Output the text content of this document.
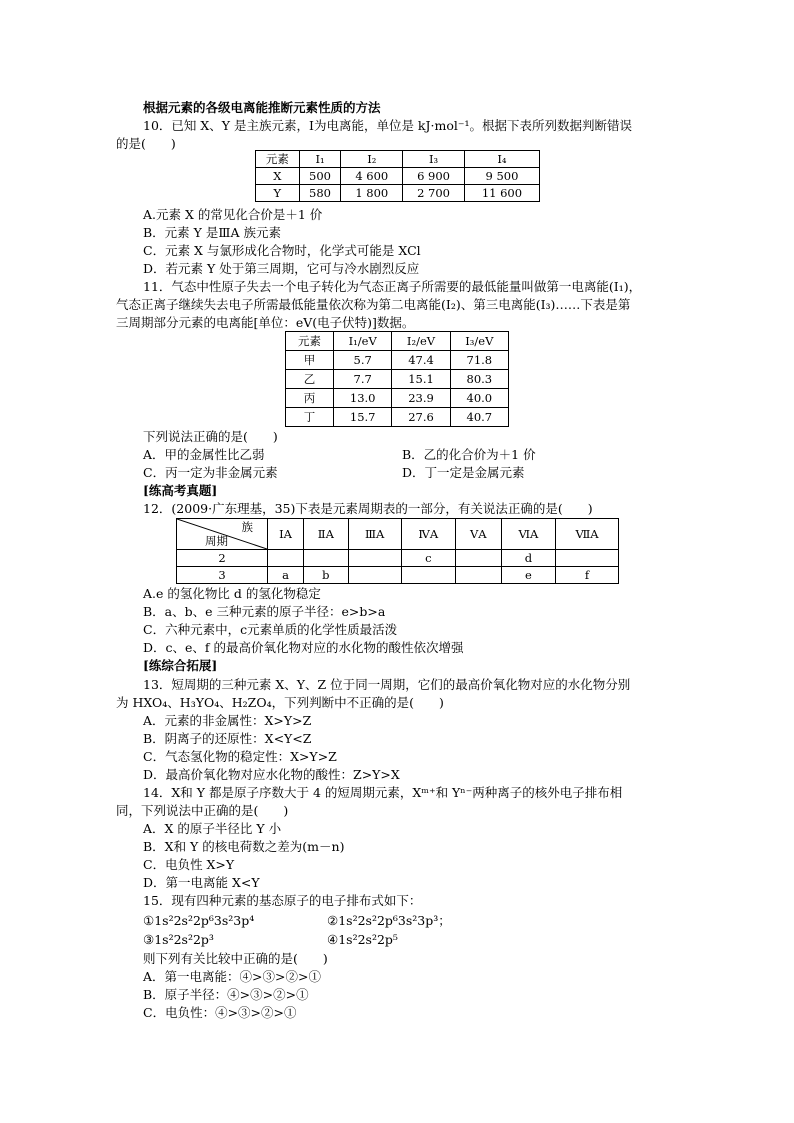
根据元素的各级电离能推断元素性质的方法
10．已知 X、Y 是主族元素，I为电离能，单位是 kJ·mol⁻¹。根据下表所列数据判断错误
的是(　　)
元素	I₁	I₂	I₃	I₄
X	500	4 600	6 900	9 500
Y	580	1 800	2 700	11 600
A.元素 X 的常见化合价是＋1 价
B．元素 Y 是ⅢA 族元素
C．元素 X 与氯形成化合物时，化学式可能是 XCl
D．若元素 Y 处于第三周期，它可与冷水剧烈反应
11．气态中性原子失去一个电子转化为气态正离子所需要的最低能量叫做第一电离能(I₁)，
气态正离子继续失去电子所需最低能量依次称为第二电离能(I₂)、第三电离能(I₃)……下表是第
三周期部分元素的电离能[单位：eV(电子伏特)]数据。
元素	I₁/eV	I₂/eV	I₃/eV
甲	5.7	47.4	71.8
乙	7.7	15.1	80.3
丙	13.0	23.9	40.0
丁	15.7	27.6	40.7
下列说法正确的是(　　)
A．甲的金属性比乙弱	B．乙的化合价为＋1 价
C．丙一定为非金属元素	D．丁一定是金属元素
[练高考真题]
12．(2009·广东理基，35)下表是元素周期表的一部分，有关说法正确的是(　　)
族
周期	ⅠA	ⅡA	ⅢA	ⅣA	ⅤA	ⅥA	ⅦA
2				c		d	
3	a	b				e	f
A.e 的氢化物比 d 的氢化物稳定
B．a、b、e 三种元素的原子半径：e>b>a
C．六种元素中，c元素单质的化学性质最活泼
D．c、e、f 的最高价氧化物对应的水化物的酸性依次增强
[练综合拓展]
13．短周期的三种元素 X、Y、Z 位于同一周期，它们的最高价氧化物对应的水化物分别
为 HXO₄、H₃YO₄、H₂ZO₄，下列判断中不正确的是(　　)
A．元素的非金属性：X>Y>Z
B．阴离子的还原性：X<Y<Z
C．气态氢化物的稳定性：X>Y>Z
D．最高价氧化物对应水化物的酸性：Z>Y>X
14．X和 Y 都是原子序数大于 4 的短周期元素，Xᵐ⁺和 Yⁿ⁻两种离子的核外电子排布相
同，下列说法中正确的是(　　)
A．X 的原子半径比 Y 小
B．X和 Y 的核电荷数之差为(m－n)
C．电负性 X>Y
D．第一电离能 X<Y
15．现有四种元素的基态原子的电子排布式如下：
①1s²2s²2p⁶3s²3p⁴	②1s²2s²2p⁶3s²3p³；
③1s²2s²2p³	④1s²2s²2p⁵
则下列有关比较中正确的是(　　)
A．第一电离能：④>③>②>①
B．原子半径：④>③>②>①
C．电负性：④>③>②>①
